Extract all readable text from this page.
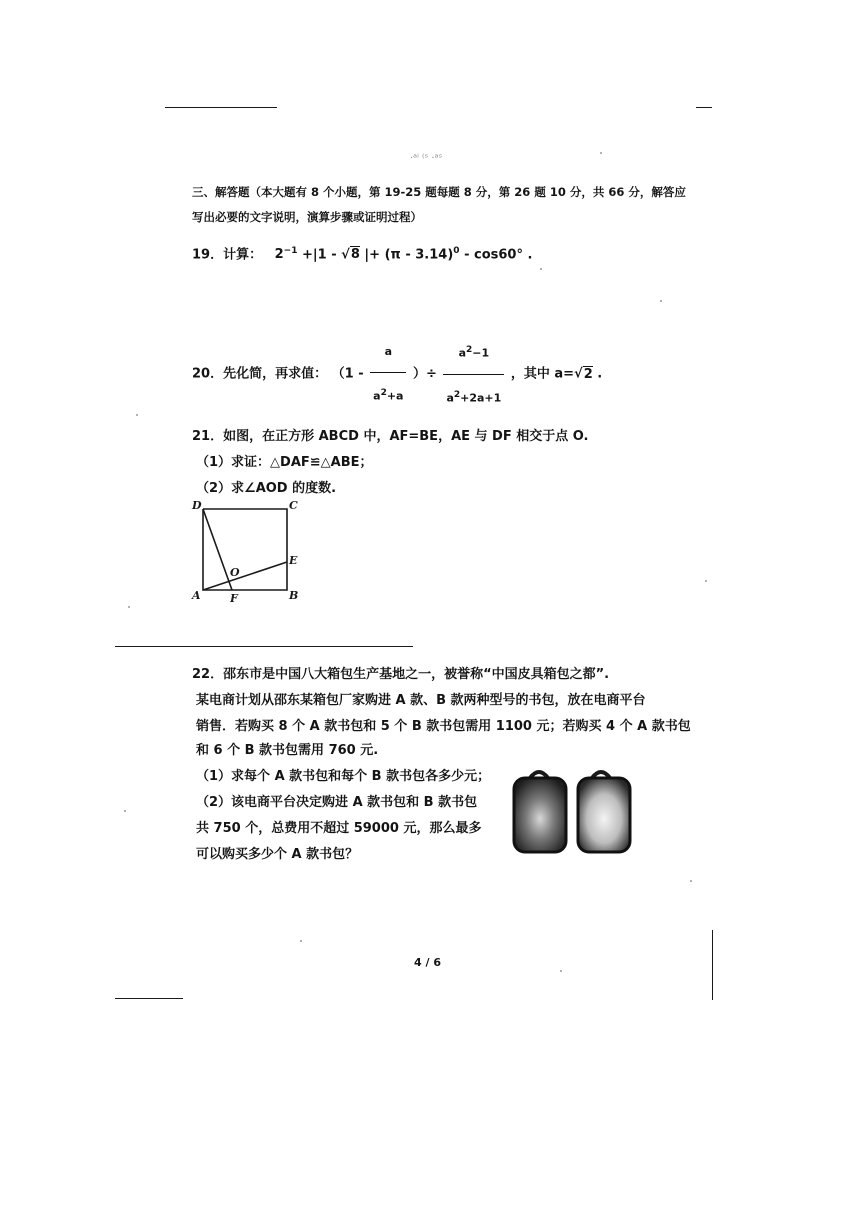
·ᵃⁱ ⁽ˢ ·ᵃˢ
三、解答题（本大题有 8 个小题，第 19-25 题每题 8 分，第 26 题 10 分，共 66 分，解答应
写出必要的文字说明，演算步骤或证明过程）
19．计算： $2^{-1} +|1 - √8$ |+ (π - 3.14)$^0$ - cos60° .
20．先化简，再求值： （$1 - \frac{a}{a^2+a}$ ）÷ $\frac{a^2-1}{a^2+2a+1}$ ，其中 a=√2 .
21．如图，在正方形 ABCD 中，AF=BE，AE 与 DF 相交于点 O.
（1）求证：△DAF≌△ABE；
（2）求∠AOD 的度数.
D	C
E
O
A	F	B
22．邵东市是中国八大箱包生产基地之一，被誉称“中国皮具箱包之都”.
某电商计划从邵东某箱包厂家购进 A 款、B 款两种型号的书包，放在电商平台
销售．若购买 8 个 A 款书包和 5 个 B 款书包需用 1100 元；若购买 4 个 A 款书包
和 6 个 B 款书包需用 760 元.
（1）求每个 A 款书包和每个 B 款书包各多少元；
（2）该电商平台决定购进 A 款书包和 B 款书包
共 750 个，总费用不超过 59000 元，那么最多
可以购买多少个 A 款书包？
4 / 6
